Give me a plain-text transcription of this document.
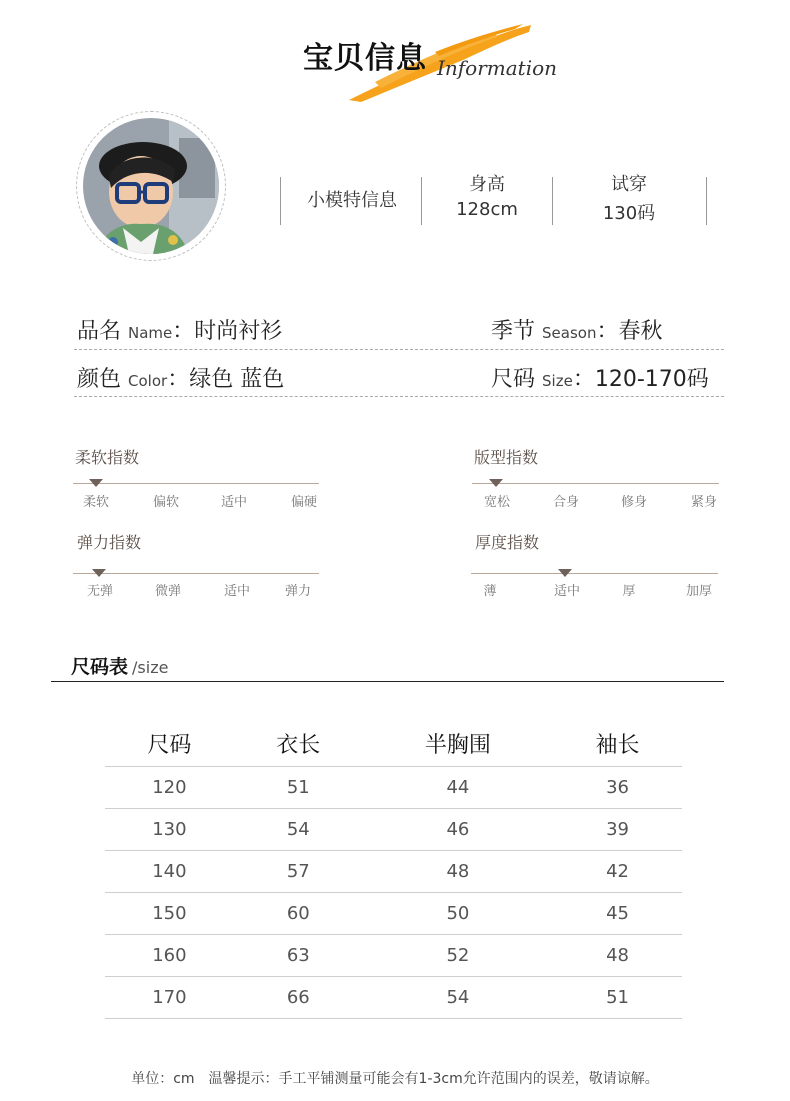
宝贝信息 Information
小模特信息
身高
128cm
试穿
130码
品名 Name：时尚衬衫	季节 Season：春秋
颜色 Color：绿色 蓝色	尺码 Size：120-170码
柔软指数
柔软	偏软	适中	偏硬
版型指数
宽松	合身	修身	紧身
弹力指数
无弹	微弹	适中	弹力
厚度指数
薄	适中	厚	加厚
尺码表 /size
尺码	衣长	半胸围	袖长
120	51	44	36
130	54	46	39
140	57	48	42
150	60	50	45
160	63	52	48
170	66	54	51
单位：cm　温馨提示：手工平铺测量可能会有1-3cm允许范围内的误差，敬请谅解。
